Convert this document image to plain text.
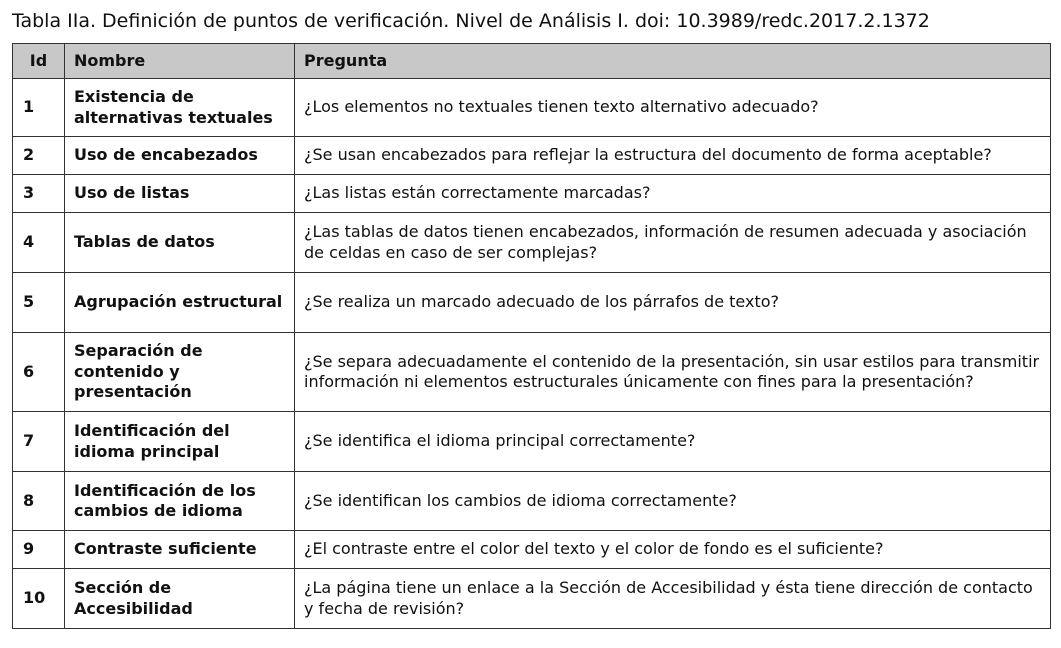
Tabla IIa. Definición de puntos de verificación. Nivel de Análisis I. doi: 10.3989/redc.2017.2.1372
Id	Nombre	Pregunta
1	Existencia de alternativas textuales	¿Los elementos no textuales tienen texto alternativo adecuado?
2	Uso de encabezados	¿Se usan encabezados para reflejar la estructura del documento de forma aceptable?
3	Uso de listas	¿Las listas están correctamente marcadas?
4	Tablas de datos	¿Las tablas de datos tienen encabezados, información de resumen adecuada y asociación de celdas en caso de ser complejas?
5	Agrupación estructural	¿Se realiza un marcado adecuado de los párrafos de texto?
6	Separación de contenido y presentación	¿Se separa adecuadamente el contenido de la presentación, sin usar estilos para transmitir información ni elementos estructurales únicamente con fines para la presentación?
7	Identificación del idioma principal	¿Se identifica el idioma principal correctamente?
8	Identificación de los cambios de idioma	¿Se identifican los cambios de idioma correctamente?
9	Contraste suficiente	¿El contraste entre el color del texto y el color de fondo es el suficiente?
10	Sección de Accesibilidad	¿La página tiene un enlace a la Sección de Accesibilidad y ésta tiene dirección de contacto y fecha de revisión?
